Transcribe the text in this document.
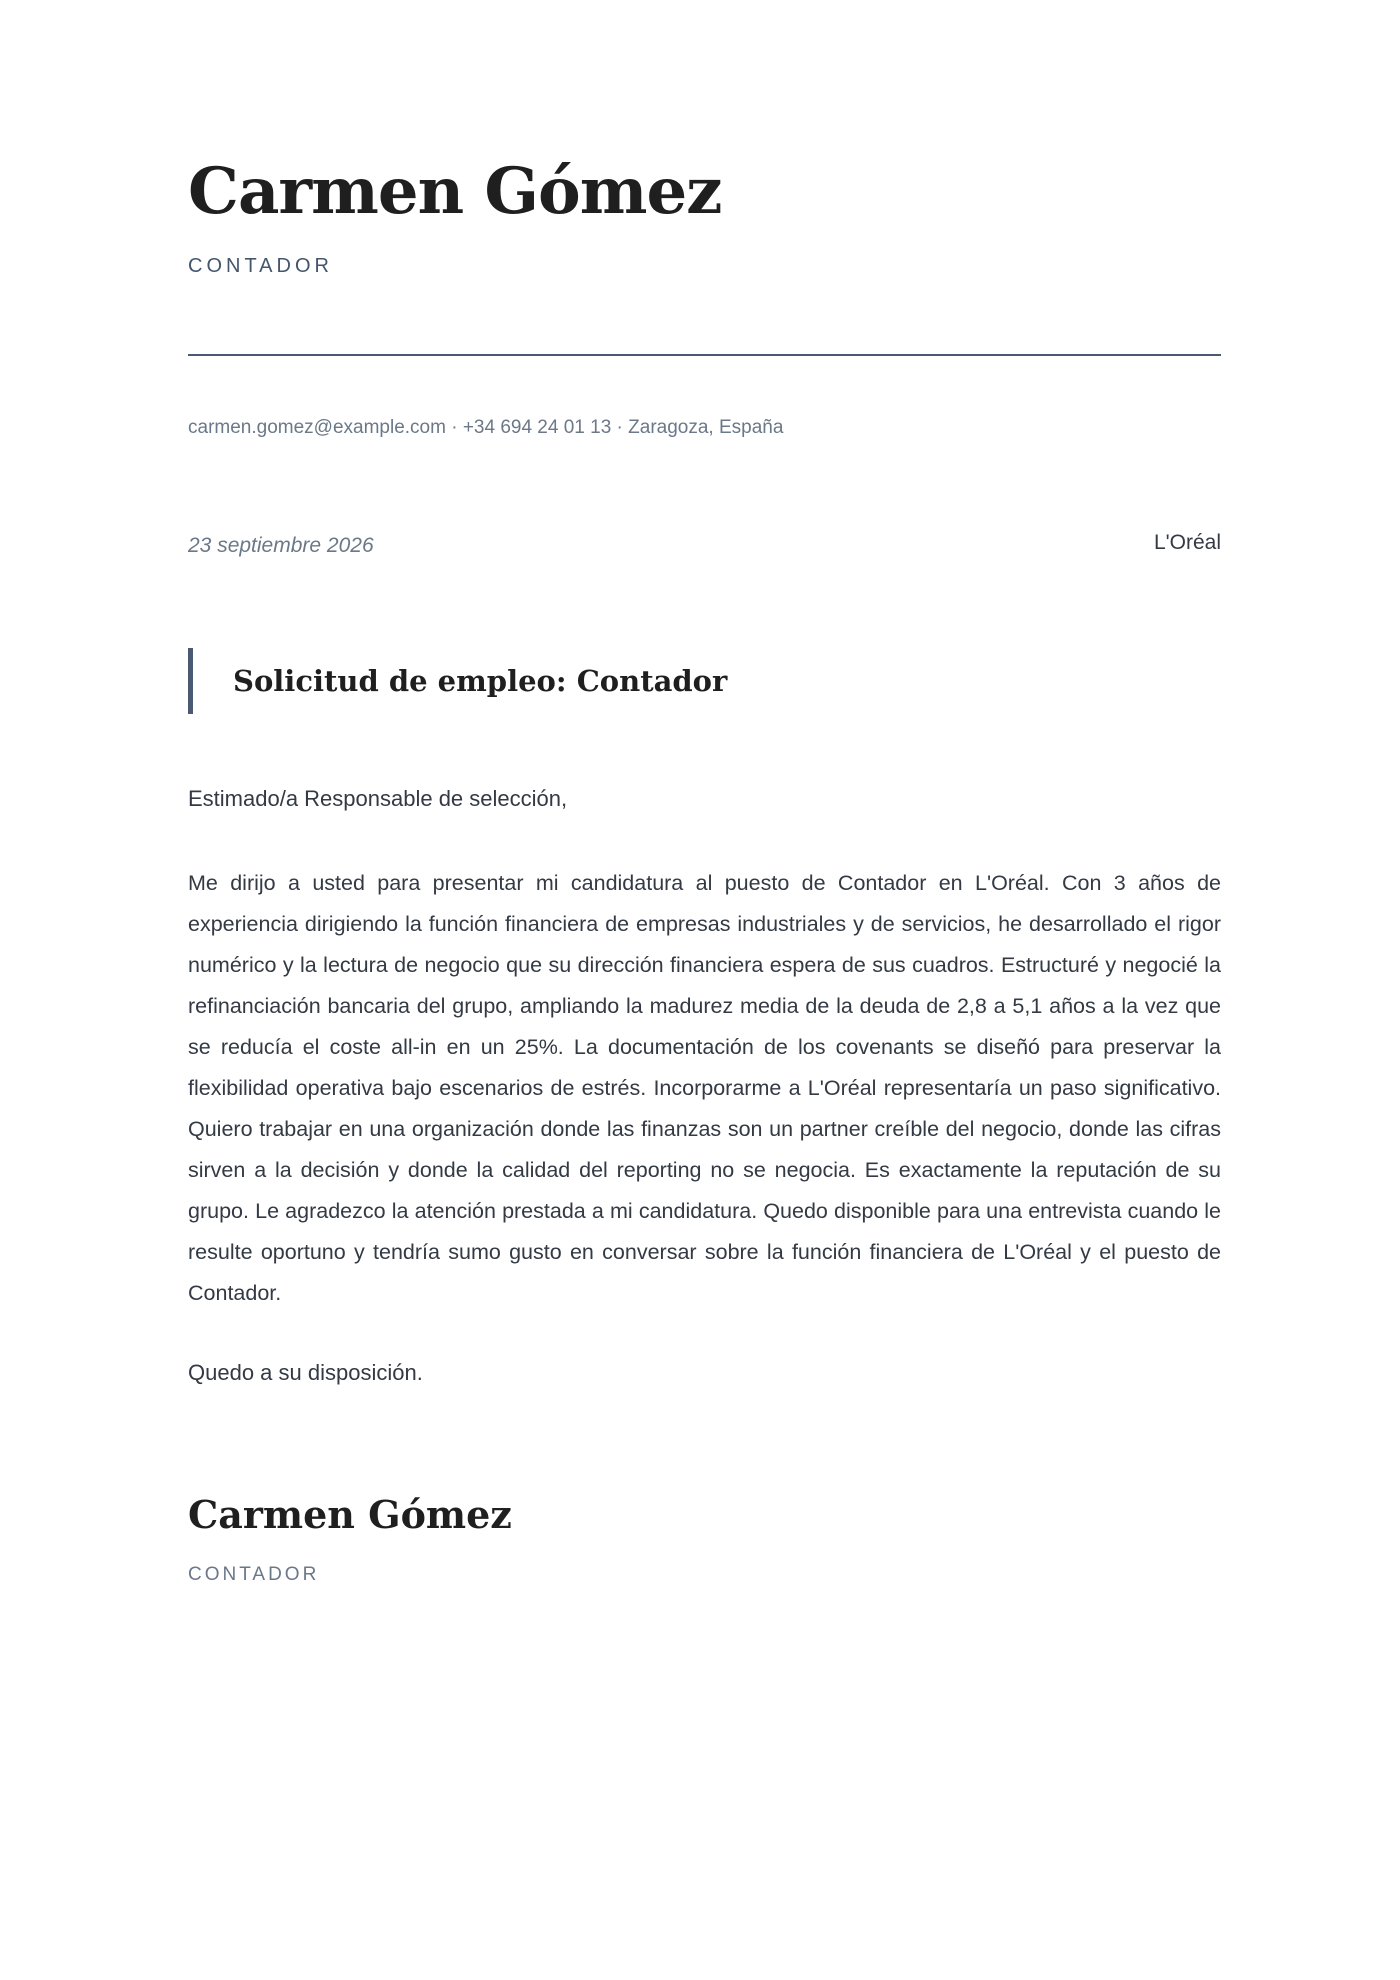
Carmen Gómez
CONTADOR
carmen.gomez@example.com · +34 694 24 01 13 · Zaragoza, España
23 septiembre 2026	L'Oréal
Solicitud de empleo: Contador
Estimado/a Responsable de selección,

Me dirijo a usted para presentar mi candidatura al puesto de Contador en L'Oréal. Con 3 años de experiencia dirigiendo la función financiera de empresas industriales y de servicios, he desarrollado el rigor numérico y la lectura de negocio que su dirección financiera espera de sus cuadros. Estructuré y negocié la refinanciación bancaria del grupo, ampliando la madurez media de la deuda de 2,8 a 5,1 años a la vez que se reducía el coste all-in en un 25%. La documentación de los covenants se diseñó para preservar la flexibilidad operativa bajo escenarios de estrés. Incorporarme a L'Oréal representaría un paso significativo. Quiero trabajar en una organización donde las finanzas son un partner creíble del negocio, donde las cifras sirven a la decisión y donde la calidad del reporting no se negocia. Es exactamente la reputación de su grupo. Le agradezco la atención prestada a mi candidatura. Quedo disponible para una entrevista cuando le resulte oportuno y tendría sumo gusto en conversar sobre la función financiera de L'Oréal y el puesto de Contador.

Quedo a su disposición.
Carmen Gómez
CONTADOR
